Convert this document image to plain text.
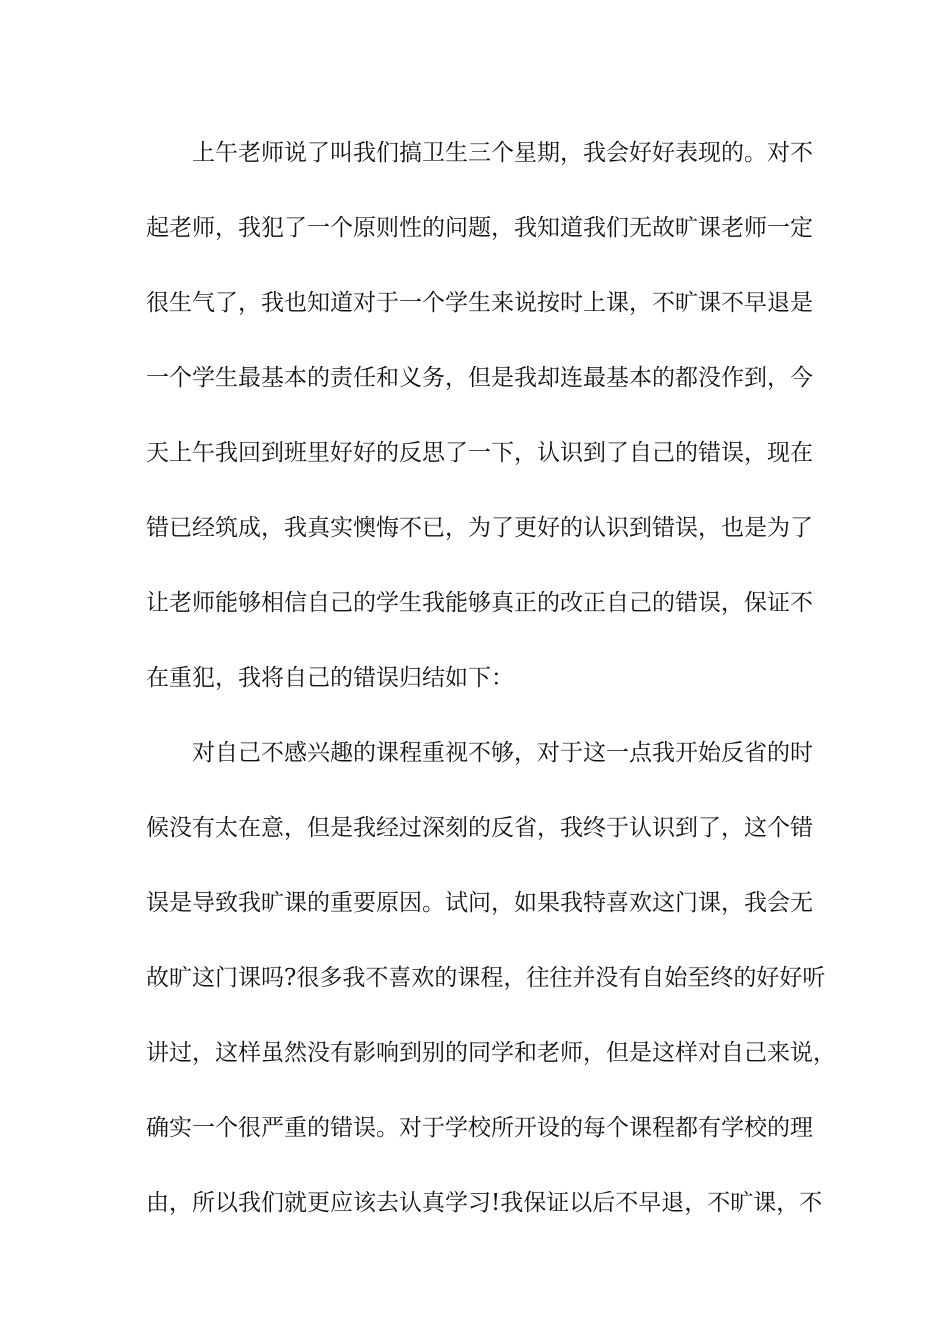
上午老师说了叫我们搞卫生三个星期，我会好好表现的。对不
起老师，我犯了一个原则性的问题，我知道我们无故旷课老师一定
很生气了，我也知道对于一个学生来说按时上课，不旷课不早退是
一个学生最基本的责任和义务，但是我却连最基本的都没作到，今
天上午我回到班里好好的反思了一下，认识到了自己的错误，现在
错已经筑成，我真实懊悔不已，为了更好的认识到错误，也是为了
让老师能够相信自己的学生我能够真正的改正自己的错误，保证不
在重犯，我将自己的错误归结如下：
对自己不感兴趣的课程重视不够，对于这一点我开始反省的时
候没有太在意，但是我经过深刻的反省，我终于认识到了，这个错
误是导致我旷课的重要原因。试问，如果我特喜欢这门课，我会无
故旷这门课吗?很多我不喜欢的课程，往往并没有自始至终的好好听
讲过，这样虽然没有影响到别的同学和老师，但是这样对自己来说，
确实一个很严重的错误。对于学校所开设的每个课程都有学校的理
由，所以我们就更应该去认真学习!我保证以后不早退，不旷课，不
